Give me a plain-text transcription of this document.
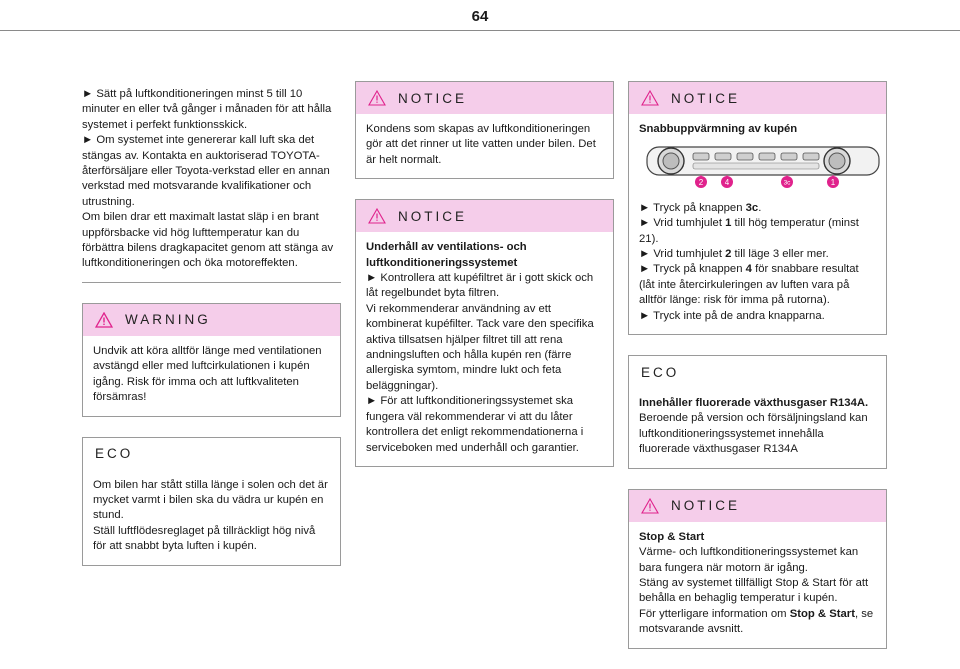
64

► Sätt på luftkonditioneringen minst 5 till 10 minuter en eller två gånger i månaden för att hålla systemet i perfekt funktionsskick.

► Om systemet inte genererar kall luft ska det stängas av. Kontakta en auktoriserad TOYOTA-återförsäljare eller Toyota-verkstad eller en annan verkstad med motsvarande kvalifikationer och utrustning.

Om bilen drar ett maximalt lastat släp i en brant uppförsbacke vid hög lufttemperatur kan du förbättra bilens dragkapacitet genom att stänga av luftkonditioneringen och öka motoreffekten.

WARNING

Undvik att köra alltför länge med ventilationen avstängd eller med luftcirkulationen i kupén igång. Risk för imma och att luftkvaliteten försämras!

ECO

Om bilen har stått stilla länge i solen och det är mycket varmt i bilen ska du vädra ur kupén en stund.

Ställ luftflödesreglaget på tillräckligt hög nivå för att snabbt byta luften i kupén.

NOTICE

Kondens som skapas av luftkonditioneringen gör att det rinner ut lite vatten under bilen. Det är helt normalt.

NOTICE

Underhåll av ventilations- och luftkonditioneringssystemet

► Kontrollera att kupéfiltret är i gott skick och låt regelbundet byta filtren.

Vi rekommenderar användning av ett kombinerat kupéfilter. Tack vare den specifika aktiva tillsatsen hjälper filtret till att rena andningsluften och hålla kupén ren (färre allergiska symtom, mindre lukt och feta beläggningar).

► För att luftkonditioneringssystemet ska fungera väl rekommenderar vi att du låter kontrollera det enligt rekommendationerna i serviceboken med underhåll och garantier.

NOTICE

Snabbuppvärmning av kupén

2	4	3c	1

► Tryck på knappen 3c.

► Vrid tumhjulet 1 till hög temperatur (minst 21).

► Vrid tumhjulet 2 till läge 3 eller mer.

► Tryck på knappen 4 för snabbare resultat (låt inte återcirkuleringen av luften vara på alltför länge: risk för imma på rutorna).

► Tryck inte på de andra knapparna.

ECO

Innehåller fluorerade växthusgaser R134A.

Beroende på version och försäljningsland kan luftkonditioneringssystemet innehålla fluorerade växthusgaser R134A

NOTICE

Stop & Start

Värme- och luftkonditioneringssystemet kan bara fungera när motorn är igång.

Stäng av systemet tillfälligt Stop & Start för att behålla en behaglig temperatur i kupén.

För ytterligare information om Stop & Start, se motsvarande avsnitt.
